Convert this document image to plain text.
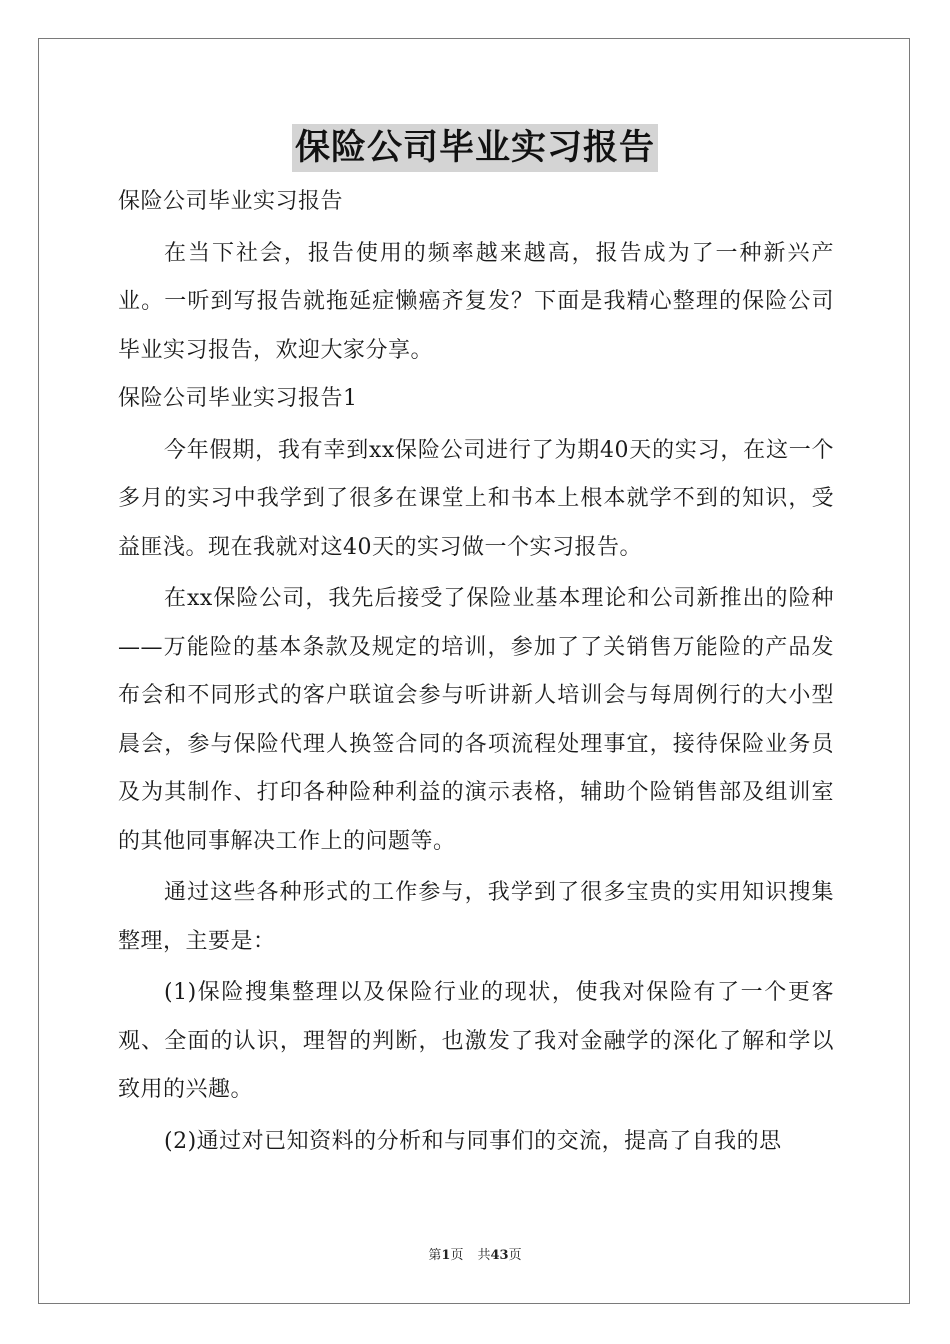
保险公司毕业实习报告

保险公司毕业实习报告

在当下社会，报告使用的频率越来越高，报告成为了一种新兴产业。一听到写报告就拖延症懒癌齐复发？下面是我精心整理的保险公司毕业实习报告，欢迎大家分享。

保险公司毕业实习报告1

今年假期，我有幸到xx保险公司进行了为期40天的实习，在这一个多月的实习中我学到了很多在课堂上和书本上根本就学不到的知识，受益匪浅。现在我就对这40天的实习做一个实习报告。

在xx保险公司，我先后接受了保险业基本理论和公司新推出的险种——万能险的基本条款及规定的培训，参加了了关销售万能险的产品发布会和不同形式的客户联谊会参与听讲新人培训会与每周例行的大小型晨会，参与保险代理人换签合同的各项流程处理事宜，接待保险业务员及为其制作、打印各种险种利益的演示表格，辅助个险销售部及组训室的其他同事解决工作上的问题等。

通过这些各种形式的工作参与，我学到了很多宝贵的实用知识搜集整理，主要是：

(1)保险搜集整理以及保险行业的现状，使我对保险有了一个更客观、全面的认识，理智的判断，也激发了我对金融学的深化了解和学以致用的兴趣。

(2)通过对已知资料的分析和与同事们的交流，提高了自我的思

第1页 共43页
